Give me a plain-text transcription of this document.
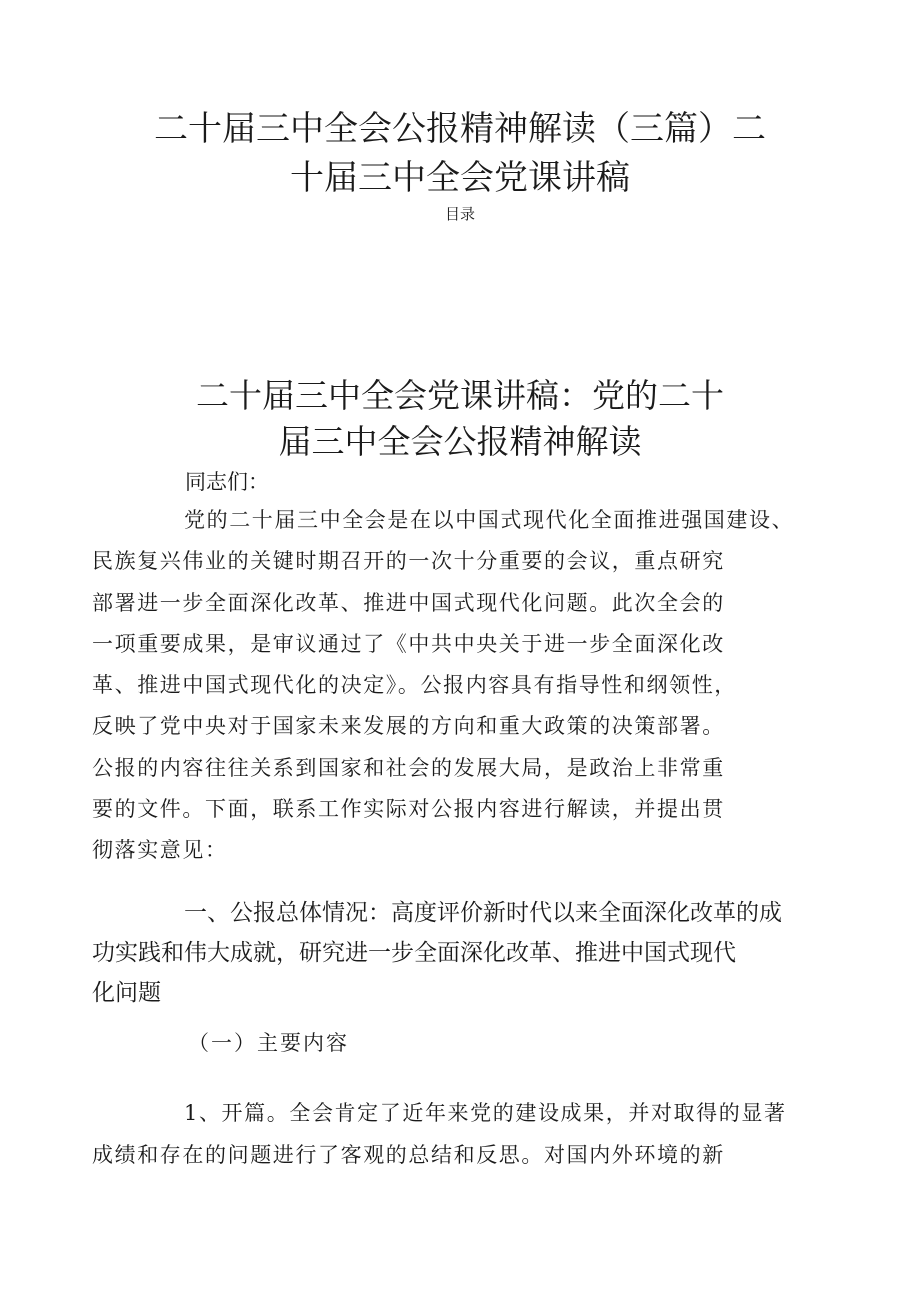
二十届三中全会公报精神解读（三篇）二
十届三中全会党课讲稿
目录
二十届三中全会党课讲稿：党的二十
届三中全会公报精神解读
同志们：

党的二十届三中全会是在以中国式现代化全面推进强国建设、
民族复兴伟业的关键时期召开的一次十分重要的会议，重点研究
部署进一步全面深化改革、推进中国式现代化问题。此次全会的
一项重要成果，是审议通过了《中共中央关于进一步全面深化改
革、推进中国式现代化的决定》。公报内容具有指导性和纲领性，
反映了党中央对于国家未来发展的方向和重大政策的决策部署。
公报的内容往往关系到国家和社会的发展大局，是政治上非常重
要的文件。下面，联系工作实际对公报内容进行解读，并提出贯
彻落实意见：

一、公报总体情况：高度评价新时代以来全面深化改革的成
功实践和伟大成就，研究进一步全面深化改革、推进中国式现代
化问题
（一）主要内容

1、开篇。全会肯定了近年来党的建设成果，并对取得的显著
成绩和存在的问题进行了客观的总结和反思。对国内外环境的新
